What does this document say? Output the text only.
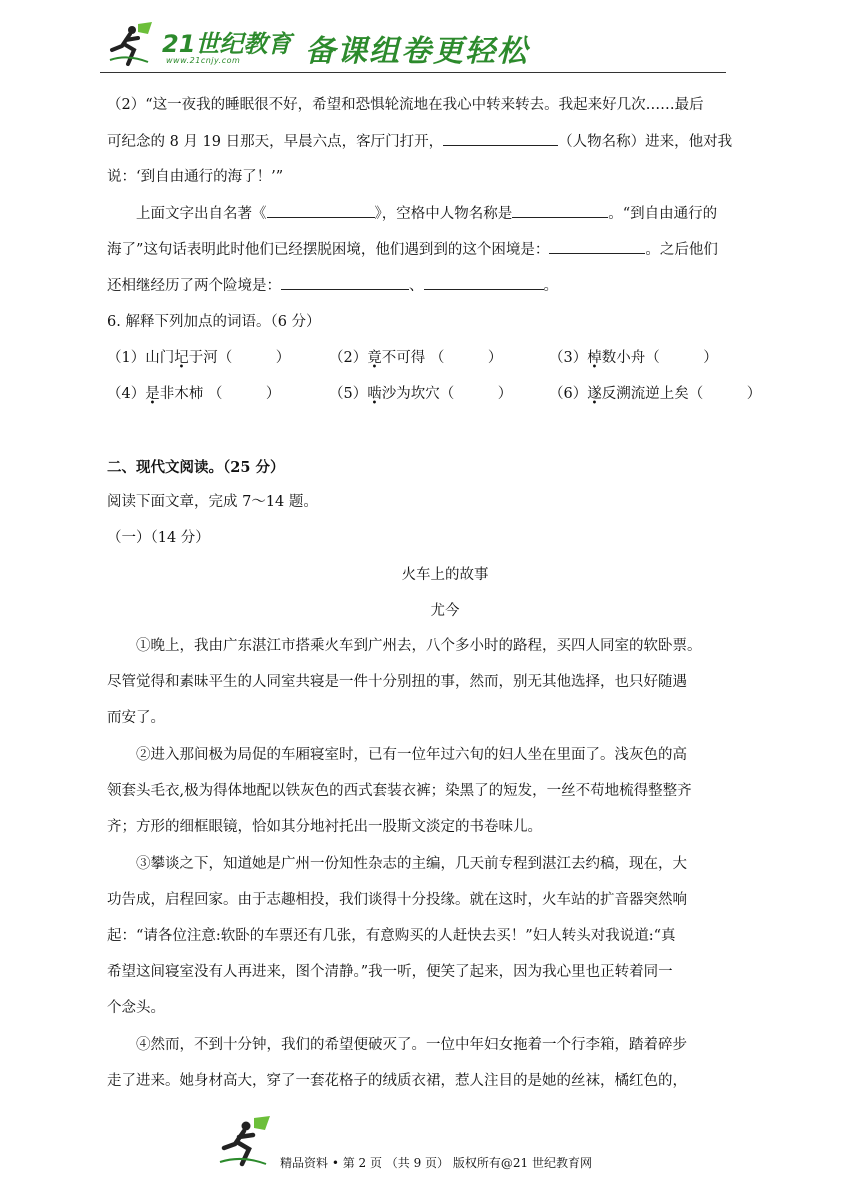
21世纪教育
www.21cnjy.com 备课组卷更轻松
（2）“这一夜我的睡眠很不好，希望和恐惧轮流地在我心中转来转去。我起来好几次……最后
可纪念的 8 月 19 日那天，早晨六点，客厅门打开，	（人物名称）进来，他对我
说：‘到自由通行的海了！’”
上面文字出自名著《	》，空格中人物名称是	。“到自由通行的
海了”这句话表明此时他们已经摆脱困境，他们遇到到的这个困境是：	。之后他们
还相继经历了两个险境是：	、	。
6. 解释下列加点的词语。（6 分）
（1）山门圮于河（　　　）	（2）竟不可得 （　　　）	（3）棹数小舟（　　　）
（4）是非木柿 （　　　）	（5）啮沙为坎穴（　　　）	（6）遂反溯流逆上矣（　　　）
二、现代文阅读。（25 分）
阅读下面文章，完成 7～14 题。
（一）（14 分）
火车上的故事
尤今
①晚上，我由广东湛江市搭乘火车到广州去，八个多小时的路程，买四人同室的软卧票。
尽管觉得和素昧平生的人同室共寝是一件十分别扭的事，然而，别无其他选择，也只好随遇
而安了。
②进入那间极为局促的车厢寝室时，已有一位年过六旬的妇人坐在里面了。浅灰色的高
领套头毛衣,极为得体地配以铁灰色的西式套装衣裤；染黑了的短发，一丝不苟地梳得整整齐
齐；方形的细框眼镜，恰如其分地衬托出一股斯文淡定的书卷味儿。
③攀谈之下，知道她是广州一份知性杂志的主编，几天前专程到湛江去约稿，现在，大
功告成，启程回家。由于志趣相投，我们谈得十分投缘。就在这时，火车站的扩音器突然响
起：“请各位注意:软卧的车票还有几张，有意购买的人赶快去买！”妇人转头对我说道:“真
希望这间寝室没有人再进来，图个清静。”我一听，便笑了起来，因为我心里也正转着同一
个念头。
④然而，不到十分钟，我们的希望便破灭了。一位中年妇女拖着一个行李箱，踏着碎步
走了进来。她身材高大，穿了一套花格子的绒质衣裙，惹人注目的是她的丝袜，橘红色的，
精品资料 • 第 2 页 （共 9 页） 版权所有@21 世纪教育网
